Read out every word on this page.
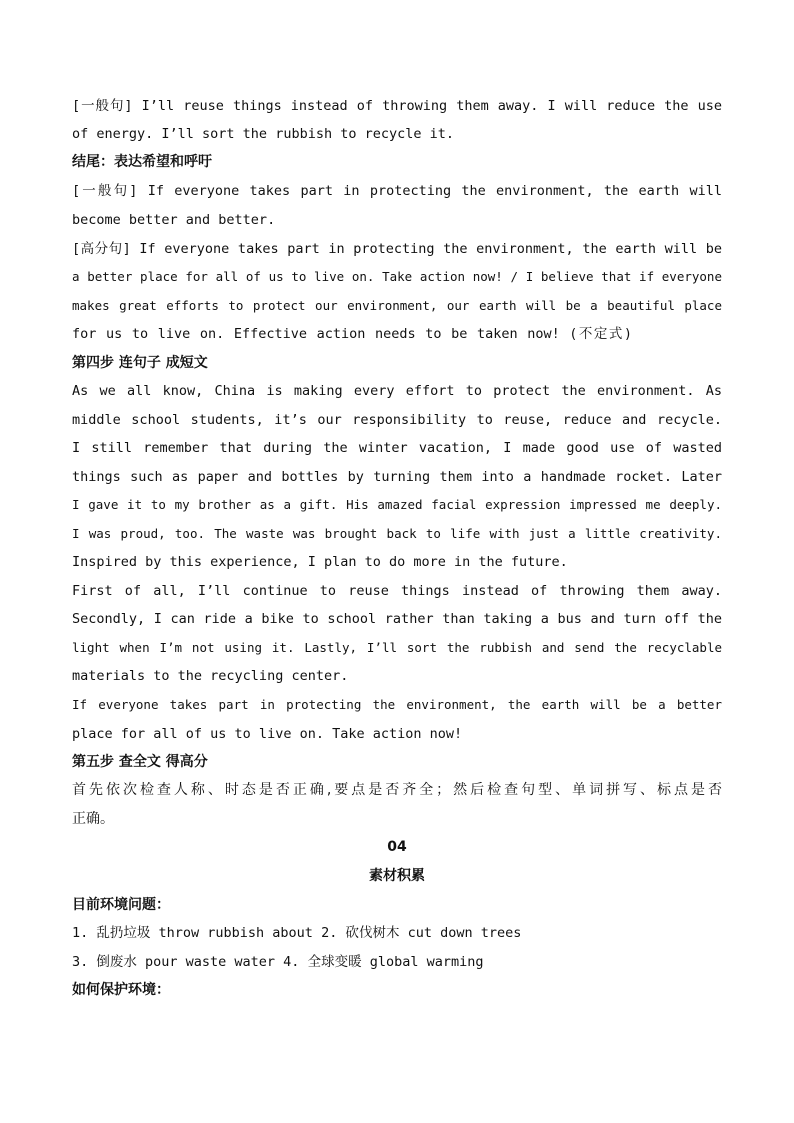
[一般句] I’ll reuse things instead of throwing them away. I will reduce the use
of energy. I’ll sort the rubbish to recycle it.
结尾：表达希望和呼吁
[一般句] If everyone takes part in protecting the environment, the earth will
become better and better.
[高分句] If everyone takes part in protecting the environment, the earth will be
a better place for all of us to live on. Take action now! / I believe that if everyone
makes great efforts to protect our environment, our earth will be a beautiful place
for us to live on. Effective action needs to be taken now! (不定式)
第四步 连句子 成短文
As we all know, China is making every effort to protect the environment. As
middle school students, it’s our responsibility to reuse, reduce and recycle.
I still remember that during the winter vacation, I made good use of wasted
things such as paper and bottles by turning them into a handmade rocket. Later
I gave it to my brother as a gift. His amazed facial expression impressed me deeply.
I was proud, too. The waste was brought back to life with just a little creativity.
Inspired by this experience, I plan to do more in the future.
First of all, I’ll continue to reuse things instead of throwing them away.
Secondly, I can ride a bike to school rather than taking a bus and turn off the
light when I’m not using it. Lastly, I’ll sort the rubbish and send the recyclable
materials to the recycling center.
If everyone takes part in protecting the environment, the earth will be a better
place for all of us to live on. Take action now!
第五步 查全文 得高分
首先依次检查人称、时态是否正确,要点是否齐全；然后检查句型、单词拼写、标点是否
正确。
04
素材积累
目前环境问题：
1. 乱扔垃圾 throw rubbish about 2. 砍伐树木 cut down trees
3. 倒废水 pour waste water 4. 全球变暖 global warming
如何保护环境：
